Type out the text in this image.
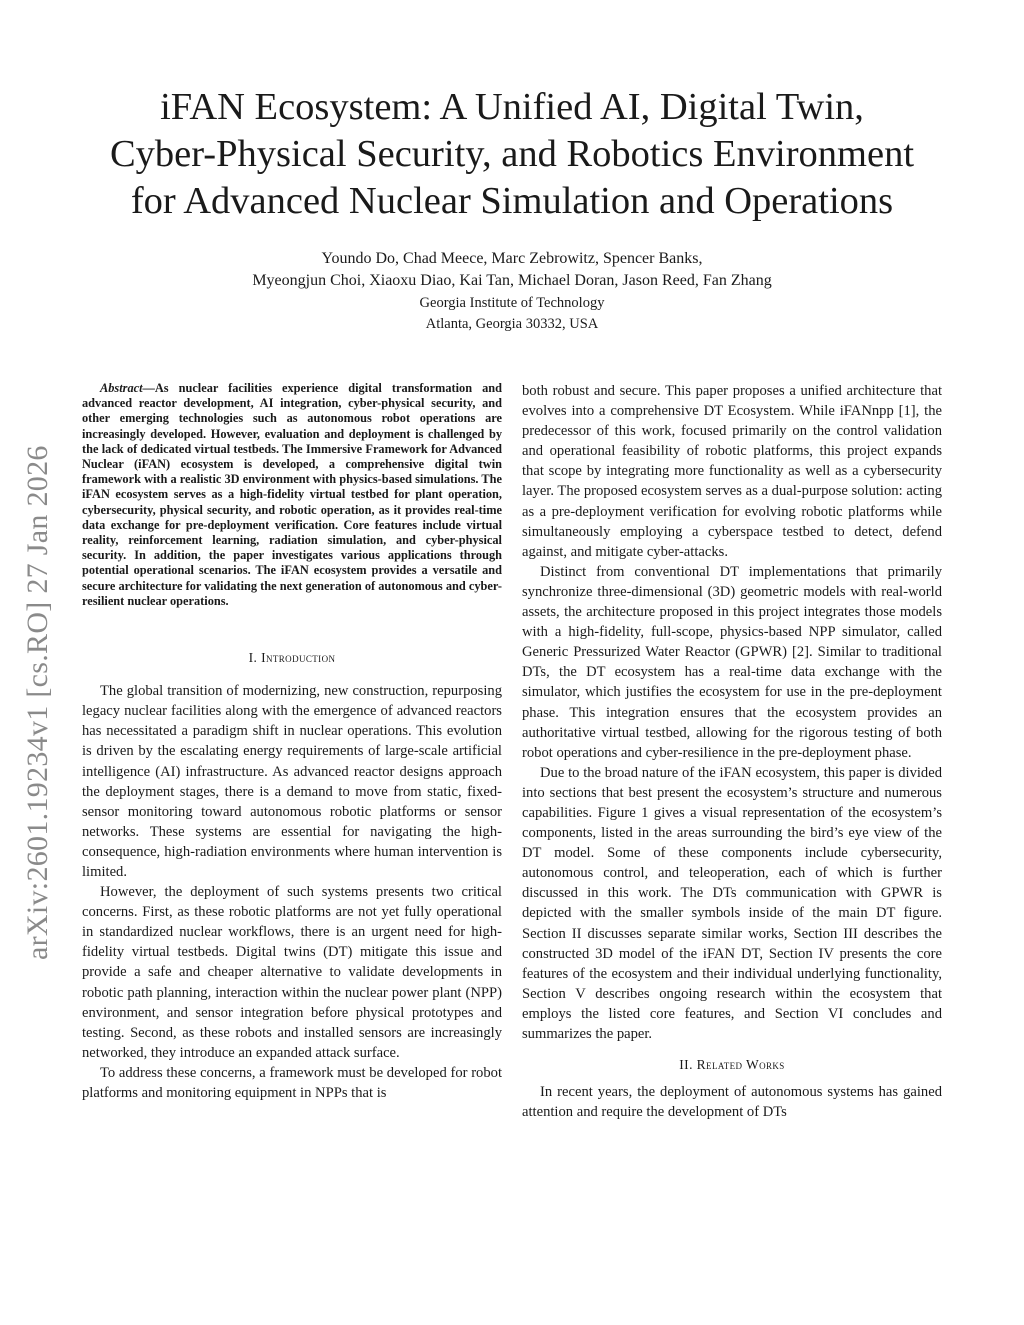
iFAN Ecosystem: A Unified AI, Digital Twin,
Cyber-Physical Security, and Robotics Environment
for Advanced Nuclear Simulation and Operations
Youndo Do, Chad Meece, Marc Zebrowitz, Spencer Banks,
Myeongjun Choi, Xiaoxu Diao, Kai Tan, Michael Doran, Jason Reed, Fan Zhang
Georgia Institute of Technology
Atlanta, Georgia 30332, USA
arXiv:2601.19234v1 [cs.RO] 27 Jan 2026

Abstract—As nuclear facilities experience digital transformation and advanced reactor development, AI integration, cyber-physical security, and other emerging technologies such as autonomous robot operations are increasingly developed. However, evaluation and deployment is challenged by the lack of dedicated virtual testbeds. The Immersive Framework for Advanced Nuclear (iFAN) ecosystem is developed, a comprehensive digital twin framework with a realistic 3D environment with physics-based simulations. The iFAN ecosystem serves as a high-fidelity virtual testbed for plant operation, cybersecurity, physical security, and robotic operation, as it provides real-time data exchange for pre-deployment verification. Core features include virtual reality, reinforcement learning, radiation simulation, and cyber-physical security. In addition, the paper investigates various applications through potential operational scenarios. The iFAN ecosystem provides a versatile and secure architecture for validating the next generation of autonomous and cyber-resilient nuclear operations.

I. Introduction

The global transition of modernizing, new construction, repurposing legacy nuclear facilities along with the emergence of advanced reactors has necessitated a paradigm shift in nuclear operations. This evolution is driven by the escalating energy requirements of large-scale artificial intelligence (AI) infrastructure. As advanced reactor designs approach the deployment stages, there is a demand to move from static, fixed-sensor monitoring toward autonomous robotic platforms or sensor networks. These systems are essential for navigating the high-consequence, high-radiation environments where human intervention is limited.

However, the deployment of such systems presents two critical concerns. First, as these robotic platforms are not yet fully operational in standardized nuclear workflows, there is an urgent need for high-fidelity virtual testbeds. Digital twins (DT) mitigate this issue and provide a safe and cheaper alternative to validate developments in robotic path planning, interaction within the nuclear power plant (NPP) environment, and sensor integration before physical prototypes and testing. Second, as these robots and installed sensors are increasingly networked, they introduce an expanded attack surface.

To address these concerns, a framework must be developed for robot platforms and monitoring equipment in NPPs that is

both robust and secure. This paper proposes a unified architecture that evolves into a comprehensive DT Ecosystem. While iFANnpp [1], the predecessor of this work, focused primarily on the control validation and operational feasibility of robotic platforms, this project expands that scope by integrating more functionality as well as a cybersecurity layer. The proposed ecosystem serves as a dual-purpose solution: acting as a pre-deployment verification for evolving robotic platforms while simultaneously employing a cyberspace testbed to detect, defend against, and mitigate cyber-attacks.

Distinct from conventional DT implementations that primarily synchronize three-dimensional (3D) geometric models with real-world assets, the architecture proposed in this project integrates those models with a high-fidelity, full-scope, physics-based NPP simulator, called Generic Pressurized Water Reactor (GPWR) [2]. Similar to traditional DTs, the DT ecosystem has a real-time data exchange with the simulator, which justifies the ecosystem for use in the pre-deployment phase. This integration ensures that the ecosystem provides an authoritative virtual testbed, allowing for the rigorous testing of both robot operations and cyber-resilience in the pre-deployment phase.

Due to the broad nature of the iFAN ecosystem, this paper is divided into sections that best present the ecosystem’s structure and numerous capabilities. Figure 1 gives a visual representation of the ecosystem’s components, listed in the areas surrounding the bird’s eye view of the DT model. Some of these components include cybersecurity, autonomous control, and teleoperation, each of which is further discussed in this work. The DTs communication with GPWR is depicted with the smaller symbols inside of the main DT figure. Section II discusses separate similar works, Section III describes the constructed 3D model of the iFAN DT, Section IV presents the core features of the ecosystem and their individual underlying functionality, Section V describes ongoing research within the ecosystem that employs the listed core features, and Section VI concludes and summarizes the paper.

II. Related Works

In recent years, the deployment of autonomous systems has gained attention and require the development of DTs
